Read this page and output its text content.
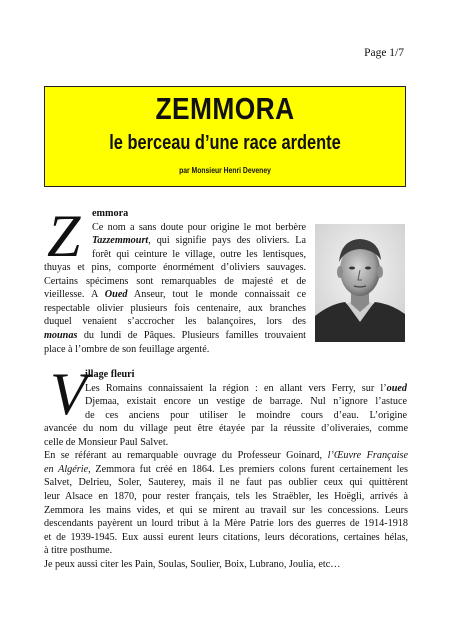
Page 1/7
ZEMMORA
le berceau d’une race ardente
par Monsieur Henri Deveney
Z emmora
Ce nom a sans doute pour origine le mot berbère
Tazzemmourt, qui signifie pays des oliviers. La
forêt qui ceinture le village, outre les lentisques,
thuyas et pins, comporte énormément d’oliviers sauvages.
Certains spécimens sont remarquables de majesté et de
vieillesse. A Oued Anseur, tout le monde connaissait ce
respectable olivier plusieurs fois centenaire, aux branches
duquel venaient s’accrocher les balançoires, lors des
mounas du lundi de Pâques. Plusieurs familles trouvaient
place à l’ombre de son feuillage argenté.
V
illage fleuri
Les Romains connaissaient la région : en allant vers Ferry, sur l’oued
Djemaa, existait encore un vestige de barrage. Nul n’ignore l’astuce
de ces anciens pour utiliser le moindre cours d’eau. L’origine
avancée du nom du village peut être étayée par la réussite d’oliveraies, comme
celle de Monsieur Paul Salvet.
En se référant au remarquable ouvrage du Professeur Goinard, l’Œuvre Française
en Algérie, Zemmora fut créé en 1864. Les premiers colons furent certainement les
Salvet, Delrieu, Soler, Sauterey, mais il ne faut pas oublier ceux qui quittèrent
leur Alsace en 1870, pour rester français, tels les Straëbler, les Hoëgli, arrivés à
Zemmora les mains vides, et qui se mirent au travail sur les concessions. Leurs
descendants payèrent un lourd tribut à la Mère Patrie lors des guerres de 1914-1918
et de 1939-1945. Eux aussi eurent leurs citations, leurs décorations, certaines hélas,
à titre posthume.
Je peux aussi citer les Pain, Soulas, Soulier, Boix, Lubrano, Joulia, etc…
